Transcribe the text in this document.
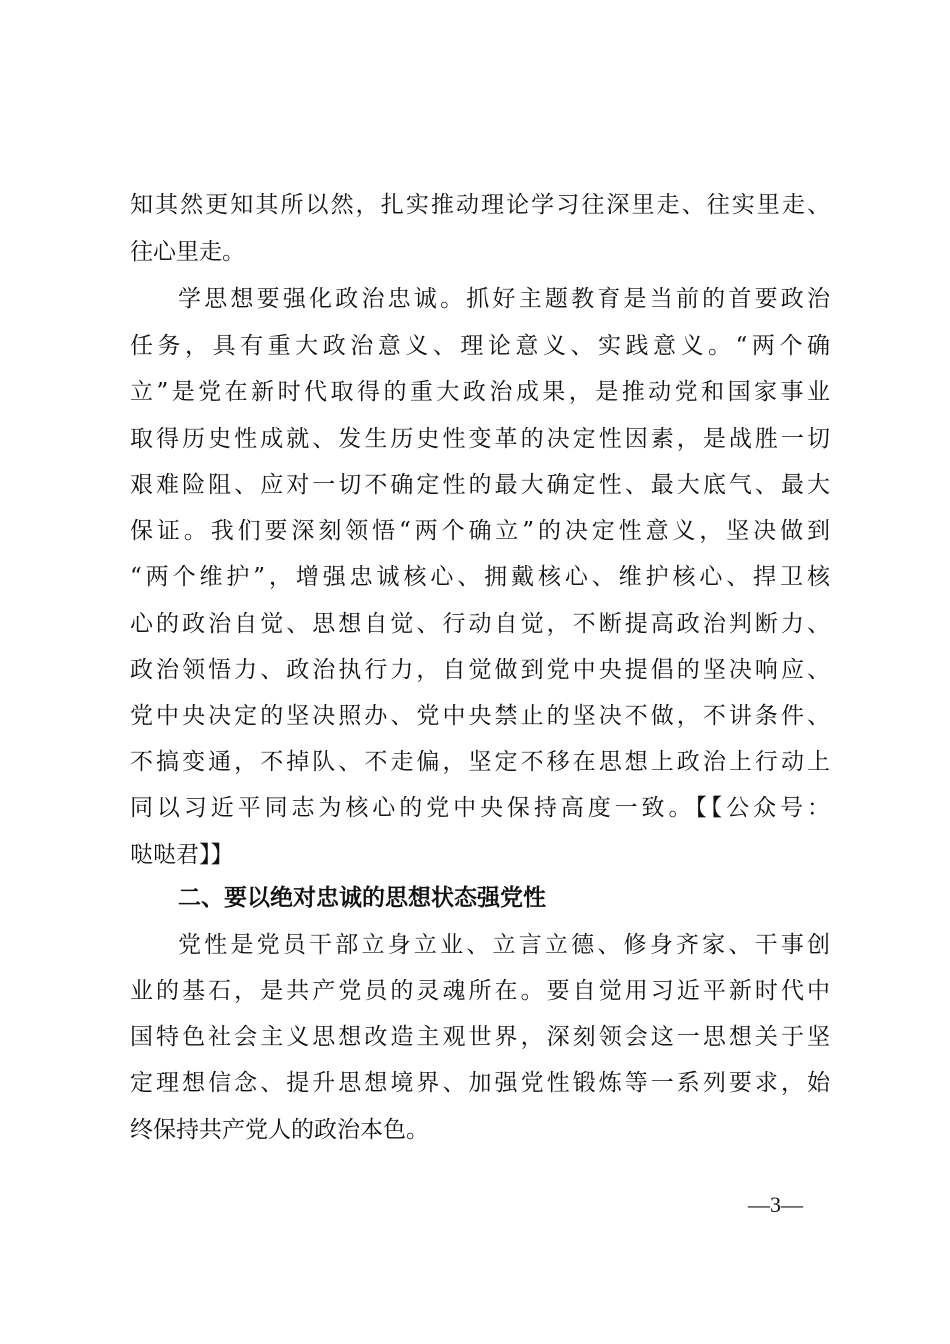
知其然更知其所以然，扎实推动理论学习往深里走、往实里走、
往心里走。
学思想要强化政治忠诚。抓好主题教育是当前的首要政治
任务，具有重大政治意义、理论意义、实践意义。“两个确
立”是党在新时代取得的重大政治成果，是推动党和国家事业
取得历史性成就、发生历史性变革的决定性因素，是战胜一切
艰难险阻、应对一切不确定性的最大确定性、最大底气、最大
保证。我们要深刻领悟“两个确立”的决定性意义，坚决做到
“两个维护”，增强忠诚核心、拥戴核心、维护核心、捍卫核
心的政治自觉、思想自觉、行动自觉，不断提高政治判断力、
政治领悟力、政治执行力，自觉做到党中央提倡的坚决响应、
党中央决定的坚决照办、党中央禁止的坚决不做，不讲条件、
不搞变通，不掉队、不走偏，坚定不移在思想上政治上行动上
同以习近平同志为核心的党中央保持高度一致。【【公众号：
哒哒君】】
二、要以绝对忠诚的思想状态强党性
党性是党员干部立身立业、立言立德、修身齐家、干事创
业的基石，是共产党员的灵魂所在。要自觉用习近平新时代中
国特色社会主义思想改造主观世界，深刻领会这一思想关于坚
定理想信念、提升思想境界、加强党性锻炼等一系列要求，始
终保持共产党人的政治本色。
—3—
